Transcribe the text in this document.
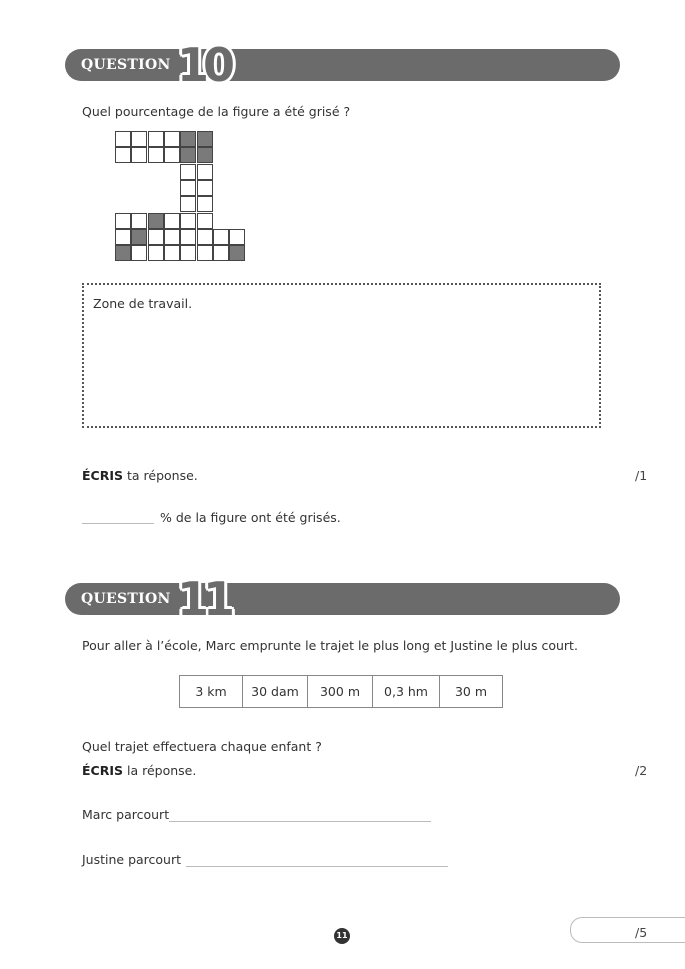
QUESTION 10
Quel pourcentage de la figure a été grisé ?
Zone de travail.
ÉCRIS ta réponse.	/1
% de la figure ont été grisés.
QUESTION 11
Pour aller à l’école, Marc emprunte le trajet le plus long et Justine le plus court.
3 km	30 dam	300 m	0,3 hm	30 m
Quel trajet effectuera chaque enfant ?
ÉCRIS la réponse.	/2
Marc parcourt
Justine parcourt
/5
11
